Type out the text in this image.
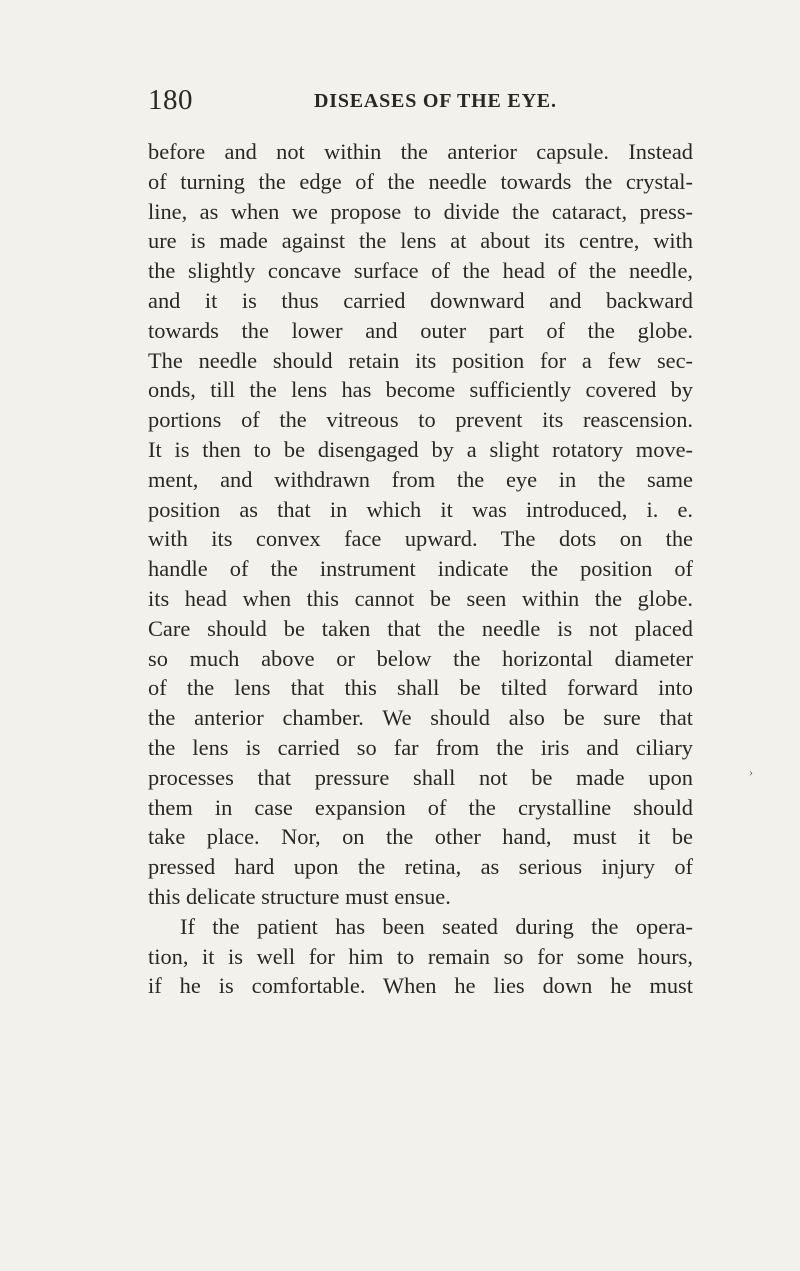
180	DISEASES OF THE EYE.
before and not within the anterior capsule. Instead
of turning the edge of the needle towards the crystal-
line, as when we propose to divide the cataract, press-
ure is made against the lens at about its centre, with
the slightly concave surface of the head of the needle,
and it is thus carried downward and backward
towards the lower and outer part of the globe.
The needle should retain its position for a few sec-
onds, till the lens has become sufficiently covered by
portions of the vitreous to prevent its reascension.
It is then to be disengaged by a slight rotatory move-
ment, and withdrawn from the eye in the same
position as that in which it was introduced, i. e.
with its convex face upward. The dots on the
handle of the instrument indicate the position of
its head when this cannot be seen within the globe.
Care should be taken that the needle is not placed
so much above or below the horizontal diameter
of the lens that this shall be tilted forward into
the anterior chamber. We should also be sure that
the lens is carried so far from the iris and ciliary
processes that pressure shall not be made upon
them in case expansion of the crystalline should
take place. Nor, on the other hand, must it be
pressed hard upon the retina, as serious injury of
this delicate structure must ensue.
If the patient has been seated during the opera-
tion, it is well for him to remain so for some hours,
if he is comfortable. When he lies down he must
›
